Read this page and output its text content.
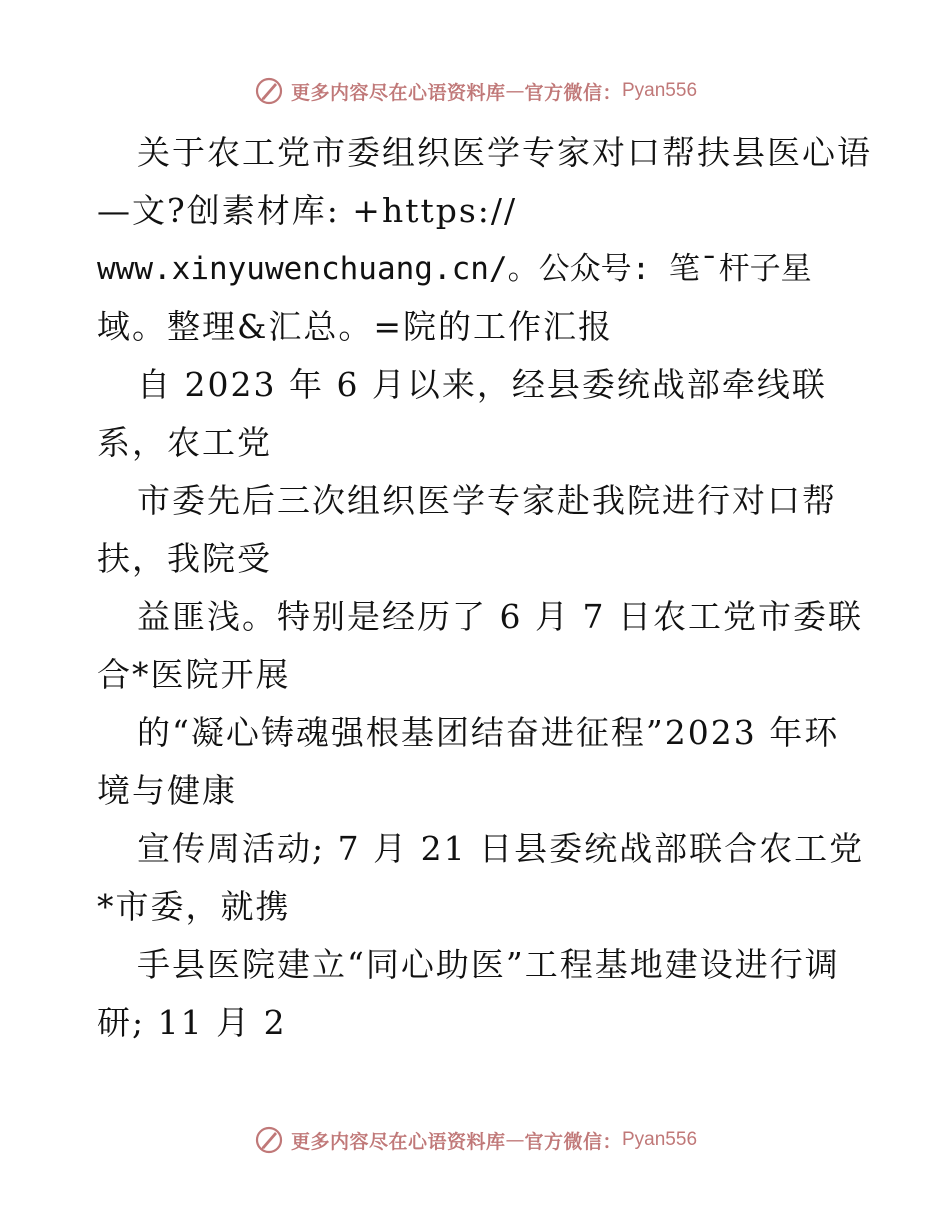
更多内容尽在心语资料库 — 官方微信： Pyan556
关于农工党市委组织医学专家对口帮扶县医心语
—文?创素材库: +https://
www.xinyuwenchuang.cn/。公众号: 笔¯杆子星
域。整理&汇总。=院的工作汇报
自 2023 年 6 月以来，经县委统战部牵线联
系，农工党
市委先后三次组织医学专家赴我院进行对口帮
扶，我院受
益匪浅。特别是经历了 6 月 7 日农工党市委联
合*医院开展
的“凝心铸魂强根基团结奋进征程”2023 年环
境与健康
宣传周活动; 7 月 21 日县委统战部联合农工党
*市委，就携
手县医院建立“同心助医”工程基地建设进行调
研; 11 月 2
更多内容尽在心语资料库 — 官方微信： Pyan556
